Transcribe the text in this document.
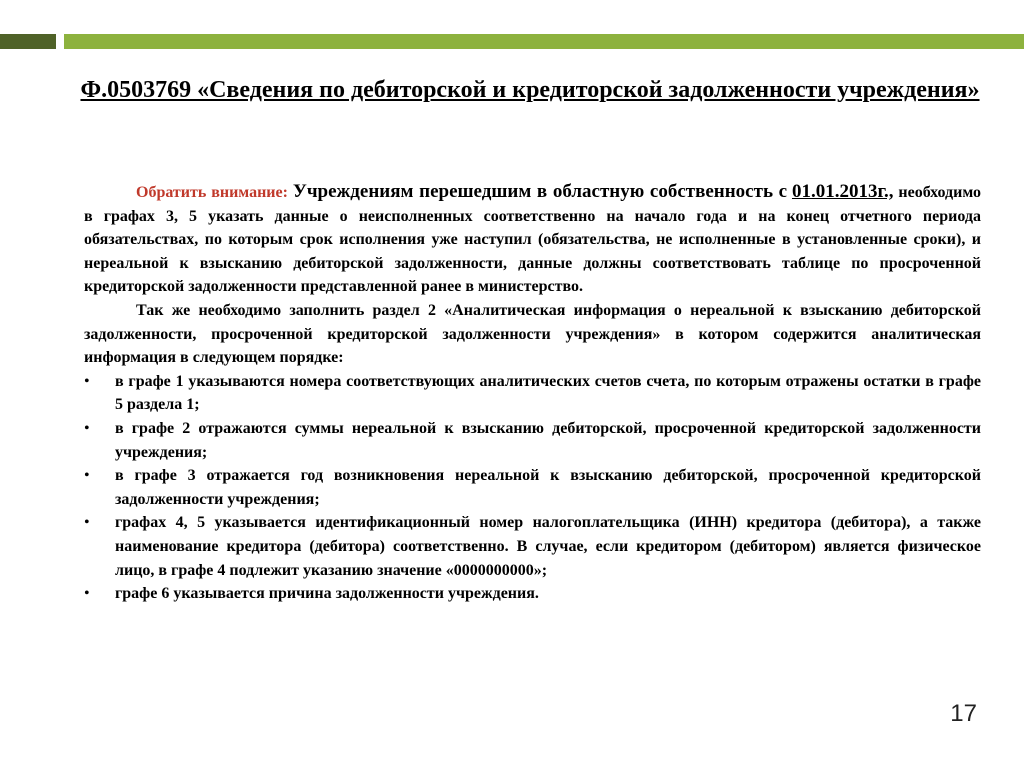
Ф.0503769 «Сведения по дебиторской и кредиторской задолженности учреждения»

Обратить внимание: Учреждениям перешедшим в областную собственность с 01.01.2013г., необходимо в графах 3, 5 указать данные о неисполненных соответственно на начало года и на конец отчетного периода обязательствах, по которым срок исполнения уже наступил (обязательства, не исполненные в установленные сроки), и нереальной к взысканию дебиторской задолженности, данные должны соответствовать таблице по просроченной кредиторской задолженности представленной ранее в министерство.

Так же необходимо заполнить раздел 2 «Аналитическая информация о нереальной к взысканию дебиторской задолженности, просроченной кредиторской задолженности учреждения» в котором содержится аналитическая информация в следующем порядке:

• в графе 1 указываются номера соответствующих аналитических счетов счета, по которым отражены остатки в графе 5 раздела 1;
• в графе 2 отражаются суммы нереальной к взысканию дебиторской, просроченной кредиторской задолженности учреждения;
• в графе 3 отражается год возникновения нереальной к взысканию дебиторской, просроченной кредиторской задолженности учреждения;
• графах 4, 5 указывается идентификационный номер налогоплательщика (ИНН) кредитора (дебитора), а также наименование кредитора (дебитора) соответственно. В случае, если кредитором (дебитором) является физическое лицо, в графе 4 подлежит указанию значение «0000000000»;
• графе 6 указывается причина задолженности учреждения.
17
